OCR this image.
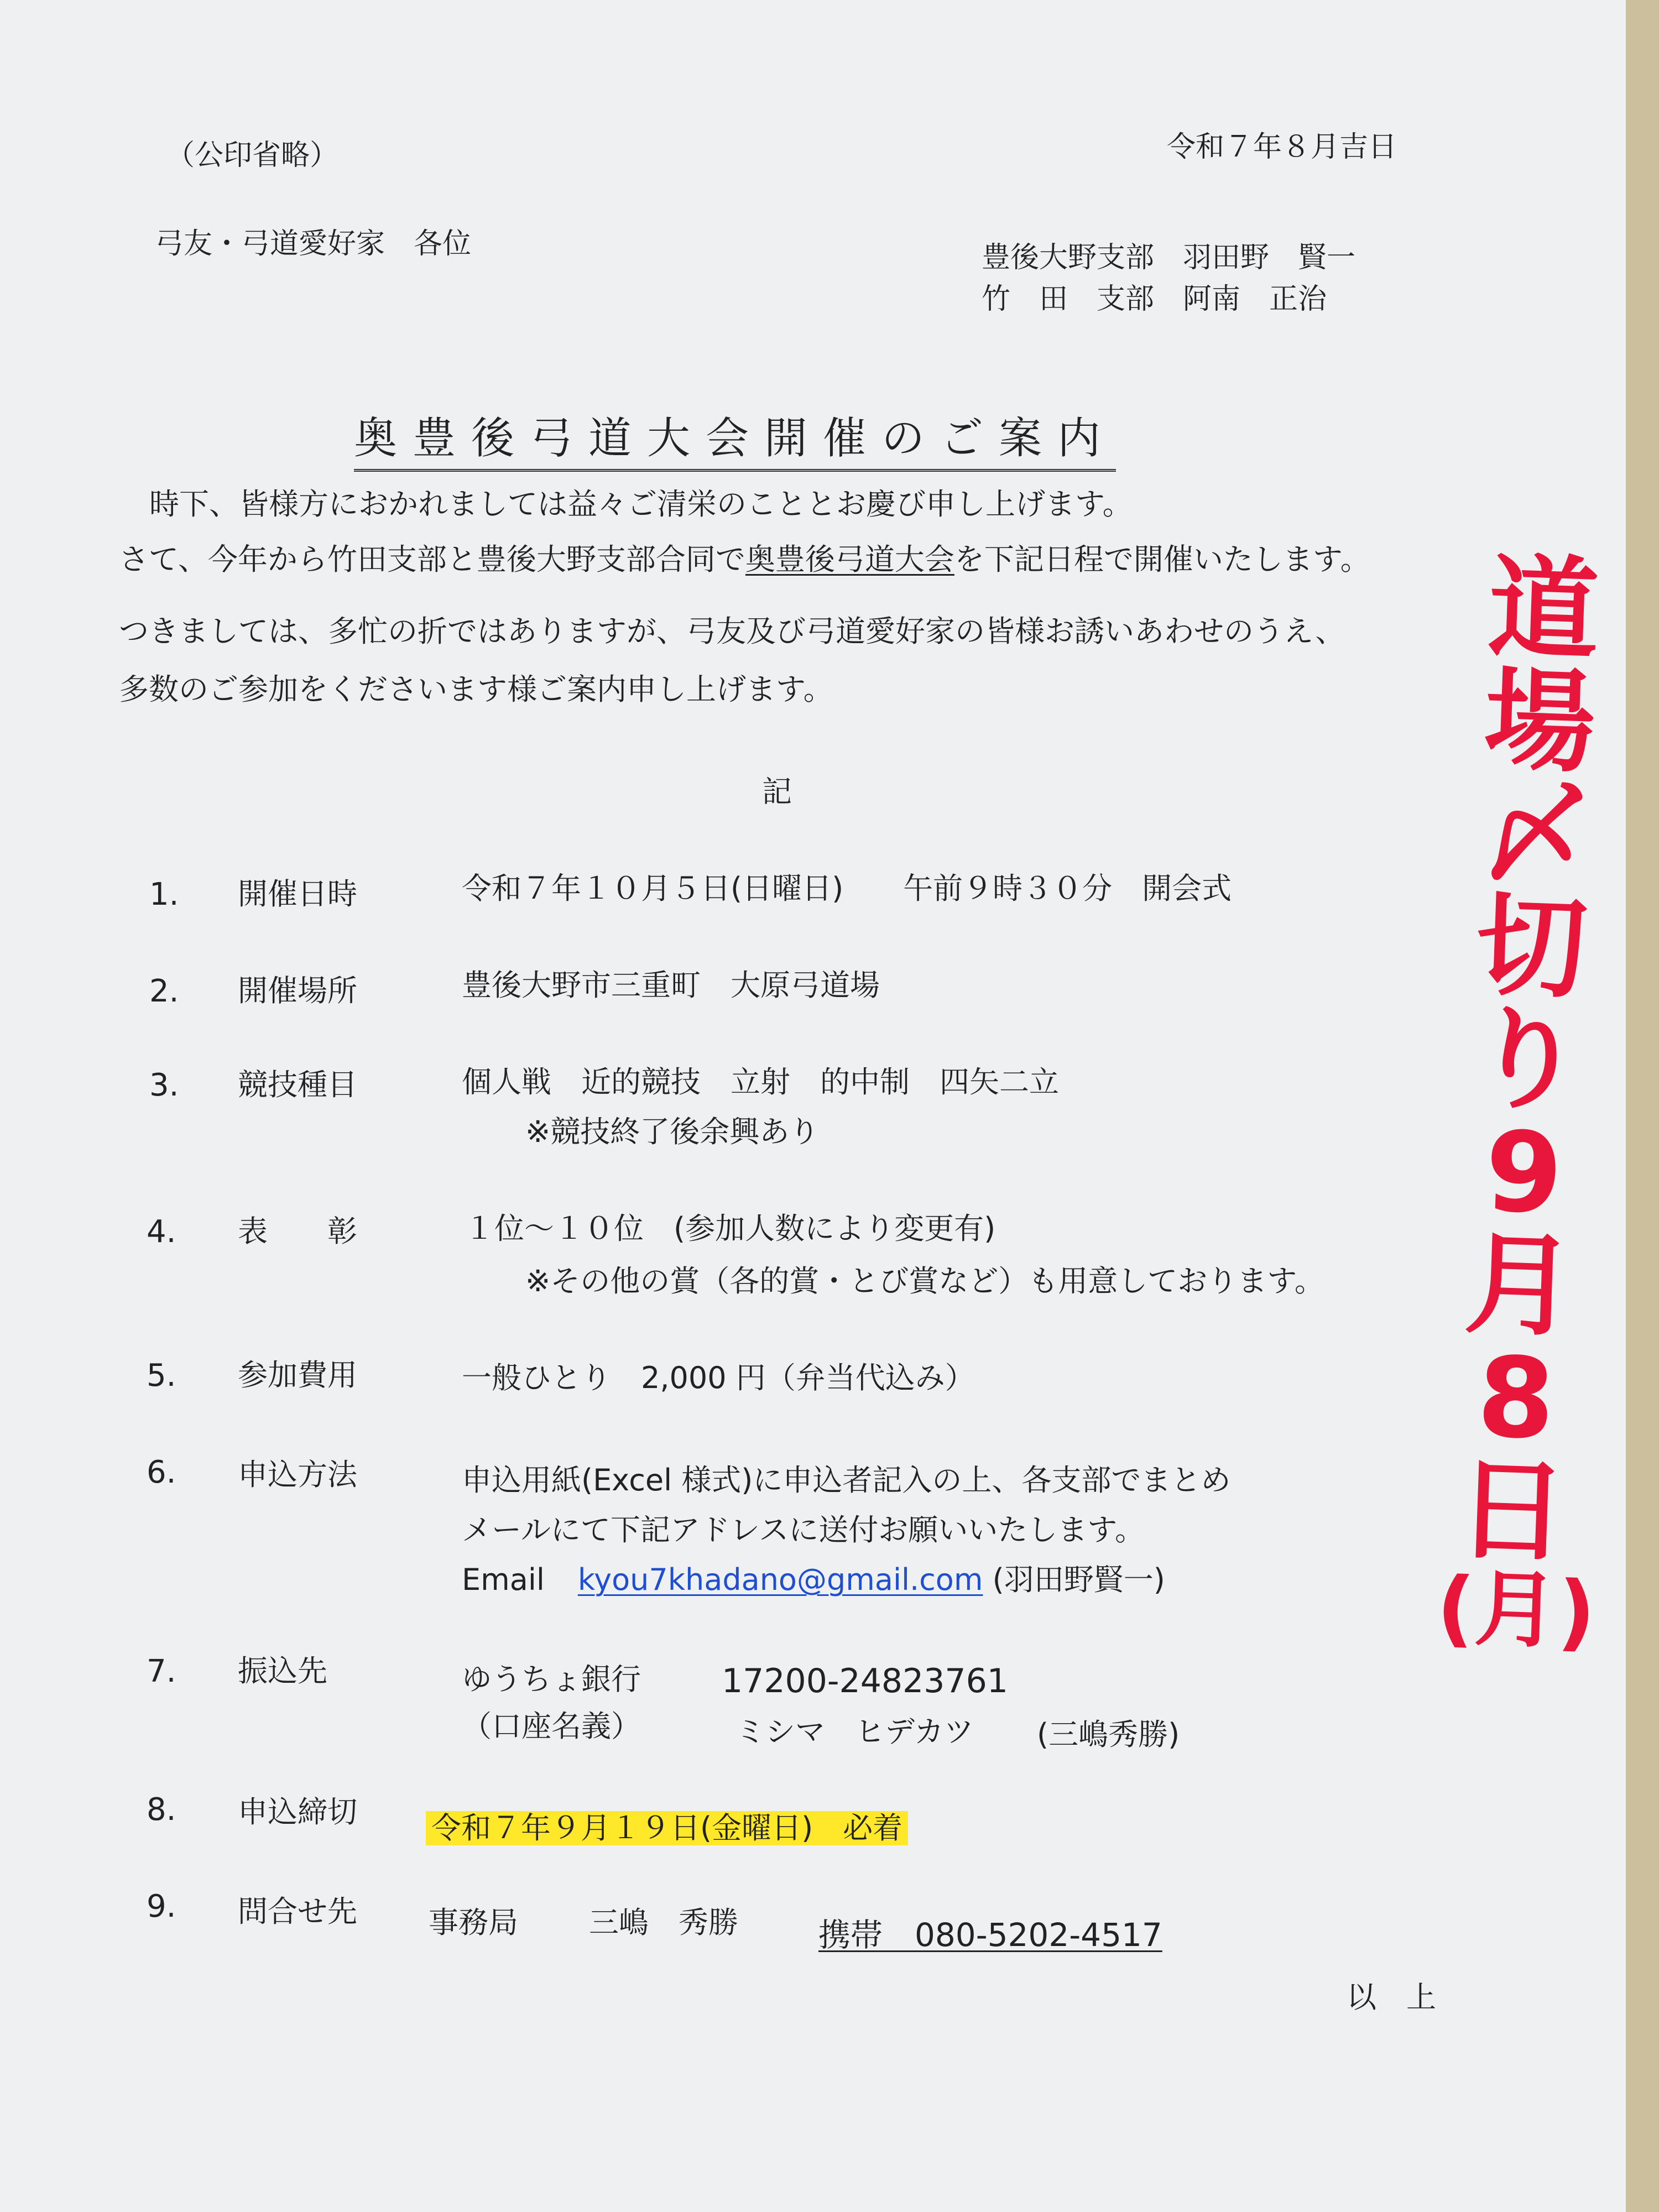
（公印省略）	令和７年８月吉日
弓友・弓道愛好家　各位	豊後大野支部　羽田野　賢一
竹　田　支部　阿南　正治
奥豊後弓道大会開催のご案内
時下、皆様方におかれましては益々ご清栄のこととお慶び申し上げます。
さて、今年から竹田支部と豊後大野支部合同で奥豊後弓道大会を下記日程で開催いたします。
つきましては、多忙の折ではありますが、弓友及び弓道愛好家の皆様お誘いあわせのうえ、
多数のご参加をくださいます様ご案内申し上げます。
記
1. 開催日時	令和７年１０月５日(日曜日)　　午前９時３０分　開会式
2. 開催場所	豊後大野市三重町　大原弓道場
3. 競技種目	個人戦　近的競技　立射　的中制　四矢二立
※競技終了後余興あり
4. 表　　彰	１位～１０位　(参加人数により変更有)
※その他の賞（各的賞・とび賞など）も用意しております。
5. 参加費用	一般ひとり　2,000 円（弁当代込み）
6. 申込方法	申込用紙(Excel 様式)に申込者記入の上、各支部でまとめ
メールにて下記アドレスに送付お願いいたします。
Email kyou7khadano@gmail.com (羽田野賢一)
7. 振込先	ゆうちょ銀行 17200-24823761
（口座名義）	ミシマ　ヒデカツ (三嶋秀勝)
8. 申込締切 令和７年９月１９日(金曜日)　必着
9. 問合せ先 事務局 三嶋　秀勝	携帯　080-5202-4517
以　上
道
場
〆
切
り
9
月
8
日
(月)
